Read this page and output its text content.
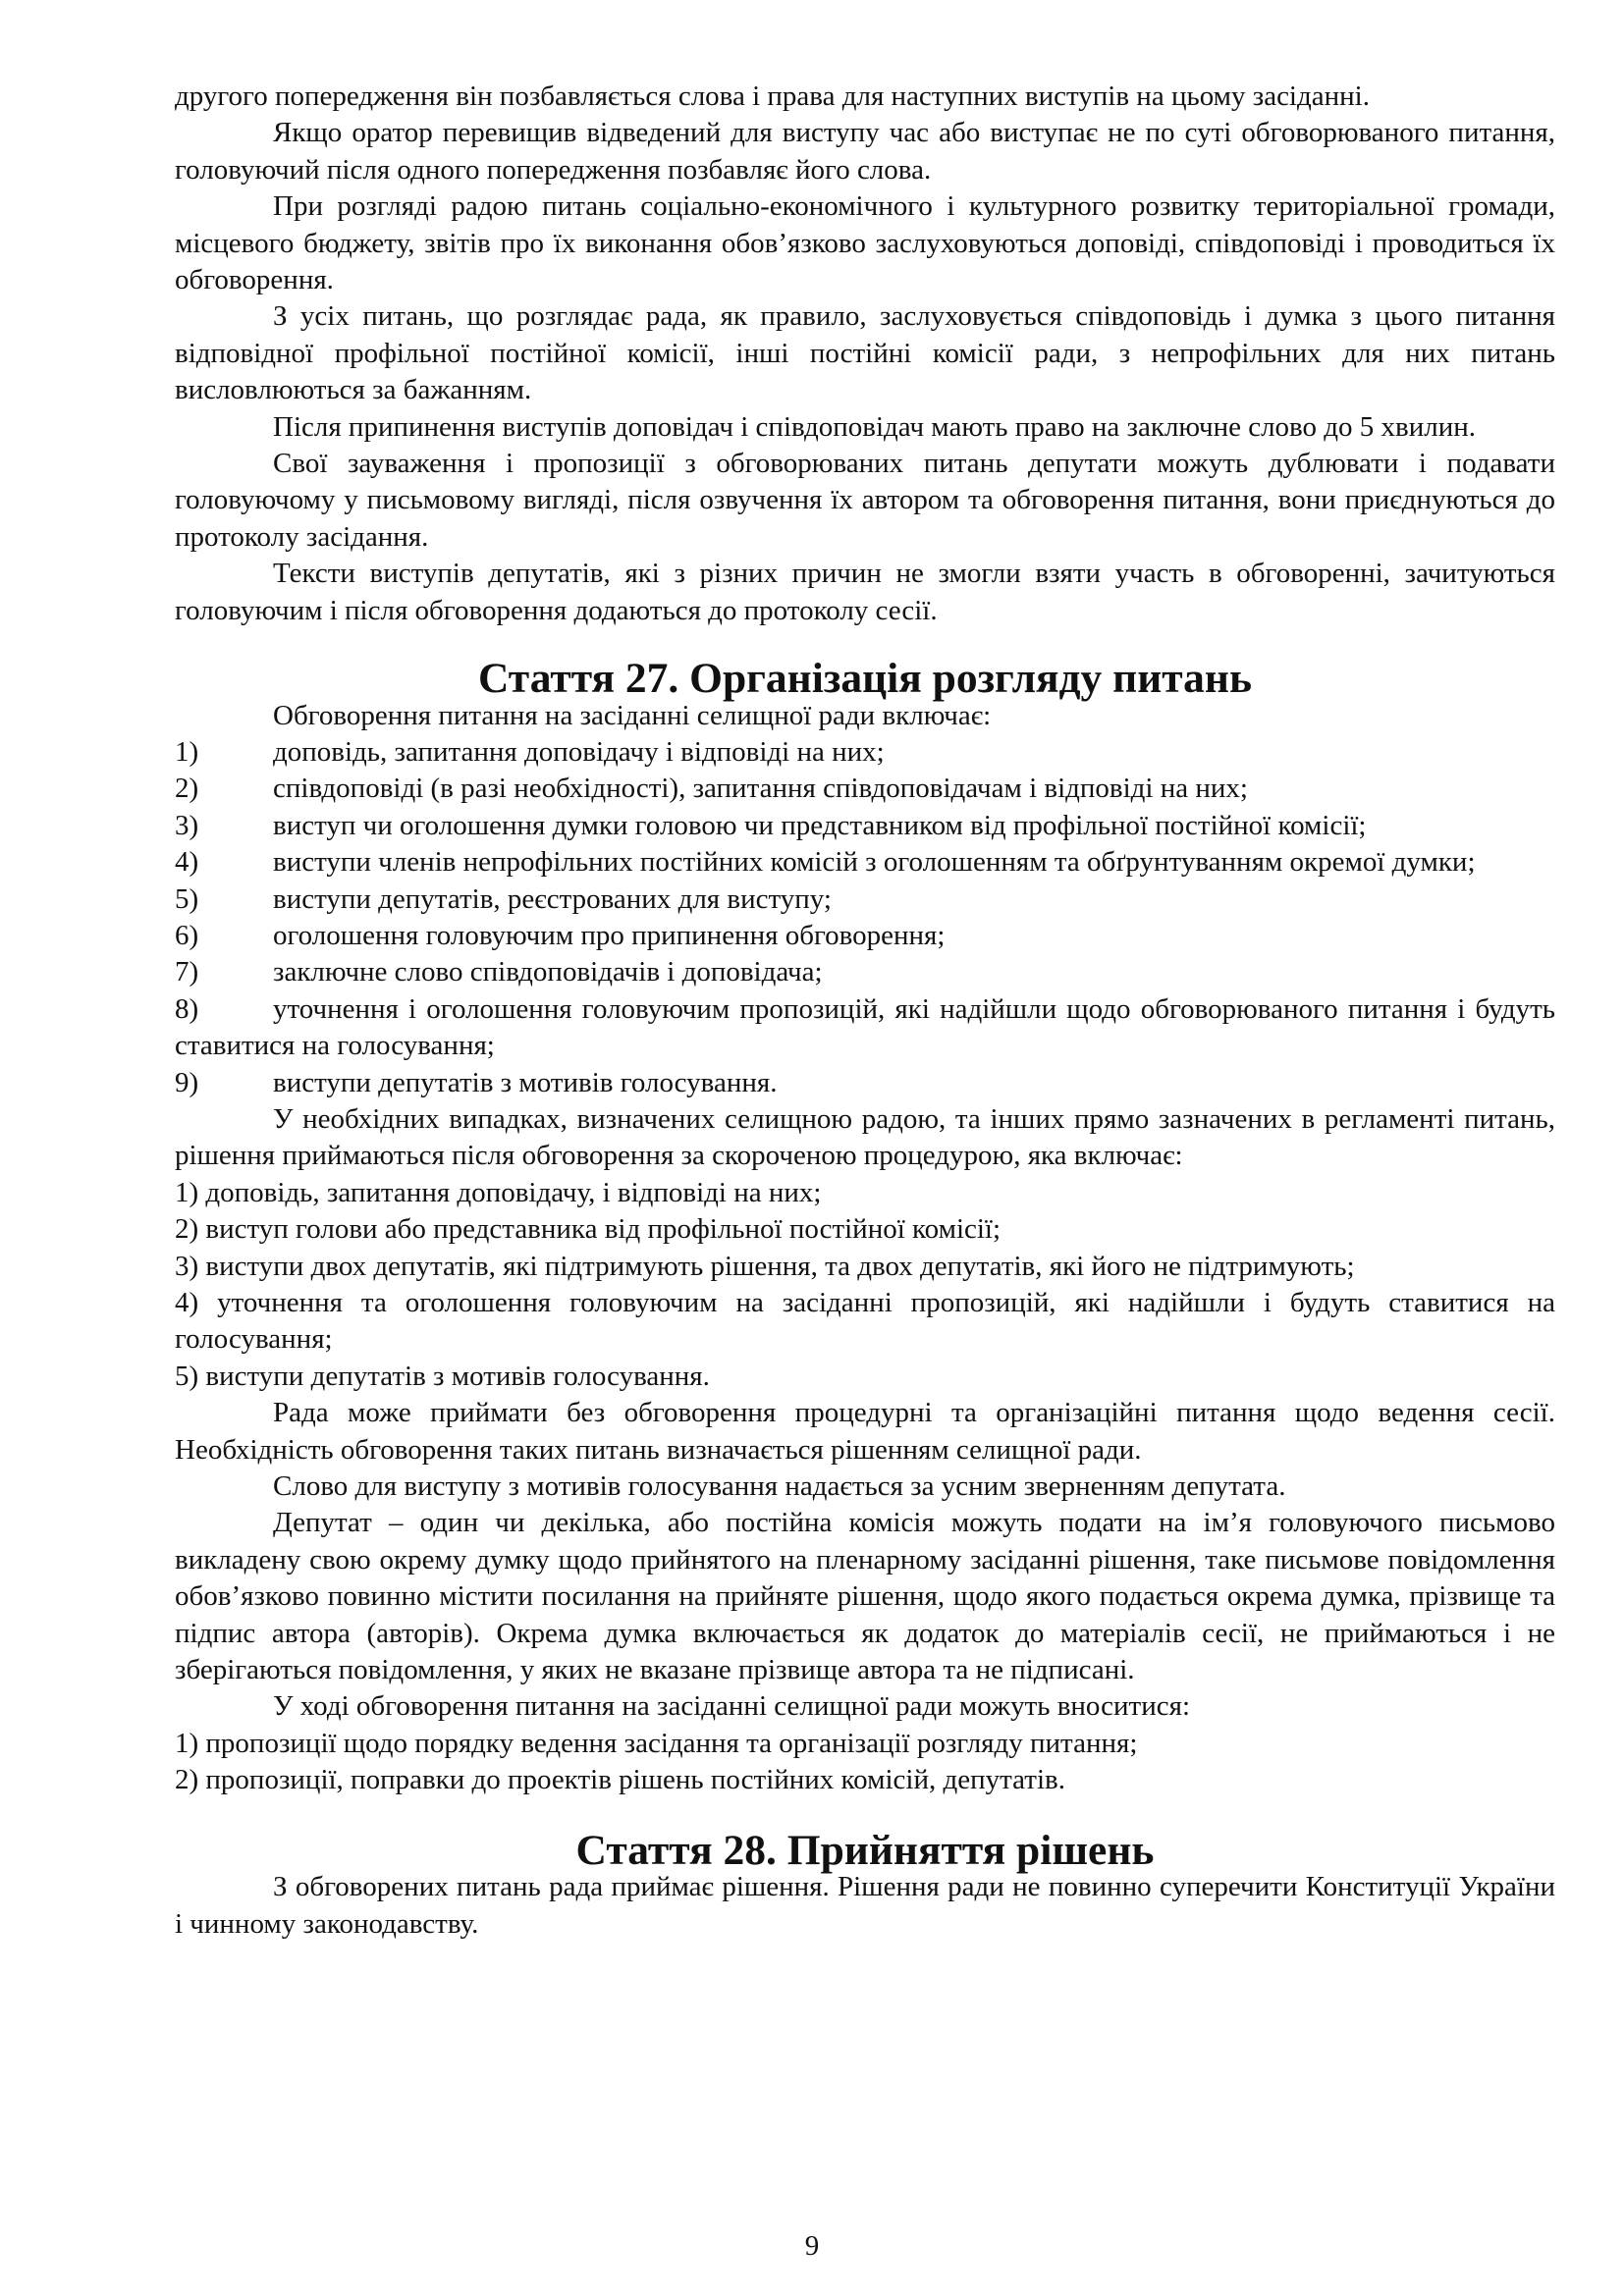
другого попередження він позбавляється слова і права для наступних виступів на цьому засіданні.

Якщо оратор перевищив відведений для виступу час або виступає не по суті обговорюваного питання, головуючий після одного попередження позбавляє його слова.

При розгляді радою питань соціально-економічного і культурного розвитку територіальної громади, місцевого бюджету, звітів про їх виконання обов’язково заслуховуються доповіді, співдоповіді і проводиться їх обговорення.

З усіх питань, що розглядає рада, як правило, заслуховується співдоповідь і думка з цього питання відповідної профільної постійної комісії, інші постійні комісії ради, з непрофільних для них питань висловлюються за бажанням.

Після припинення виступів доповідач і співдоповідач мають право на заключне слово до 5 хвилин.

Свої зауваження і пропозиції з обговорюваних питань депутати можуть дублювати і подавати головуючому у письмовому вигляді, після озвучення їх автором та обговорення питання, вони приєднуються до протоколу засідання.

Тексти виступів депутатів, які з різних причин не змогли взяти участь в обговоренні, зачитуються головуючим і після обговорення додаються до протоколу сесії.

Стаття 27. Організація розгляду питань

Обговорення питання на засіданні селищної ради включає:

1)	доповідь, запитання доповідачу і відповіді на них;

2)	співдоповіді (в разі необхідності), запитання співдоповідачам і відповіді на них;

3)	виступ чи оголошення думки головою чи представником від профільної постійної комісії;

4)	виступи членів непрофільних постійних комісій з оголошенням та обґрунтуванням окремої думки;

5)	виступи депутатів, реєстрованих для виступу;

6)	оголошення головуючим про припинення обговорення;

7)	заключне слово співдоповідачів і доповідача;

8)	уточнення і оголошення головуючим пропозицій, які надійшли щодо обговорюваного питання і будуть ставитися на голосування;

9)	виступи депутатів з мотивів голосування.

У необхідних випадках, визначених селищною радою, та інших прямо зазначених в регламенті питань, рішення приймаються після обговорення за скороченою процедурою, яка включає:

1) доповідь, запитання доповідачу, і відповіді на них;

2) виступ голови або представника від профільної постійної комісії;

3) виступи двох депутатів, які підтримують рішення, та двох депутатів, які його не підтримують;

4) уточнення та оголошення головуючим на засіданні пропозицій, які надійшли і будуть ставитися на голосування;

5) виступи депутатів з мотивів голосування.

Рада може приймати без обговорення процедурні та організаційні питання щодо ведення сесії. Необхідність обговорення таких питань визначається рішенням селищної ради.

Слово для виступу з мотивів голосування надається за усним зверненням депутата.

Депутат – один чи декілька, або постійна комісія можуть подати на ім’я головуючого письмово викладену свою окрему думку щодо прийнятого на пленарному засіданні рішення, таке письмове повідомлення обов’язково повинно містити посилання на прийняте рішення, щодо якого подається окрема думка, прізвище та підпис автора (авторів). Окрема думка включається як додаток до матеріалів сесії, не приймаються і не зберігаються повідомлення, у яких не вказане прізвище автора та не підписані.

У ході обговорення питання на засіданні селищної ради можуть вноситися:

1) пропозиції щодо порядку ведення засідання та організації розгляду питання;

2) пропозиції, поправки до проектів рішень постійних комісій, депутатів.

Стаття 28. Прийняття рішень

З обговорених питань рада приймає рішення. Рішення ради не повинно суперечити Конституції України і чинному законодавству.

9
